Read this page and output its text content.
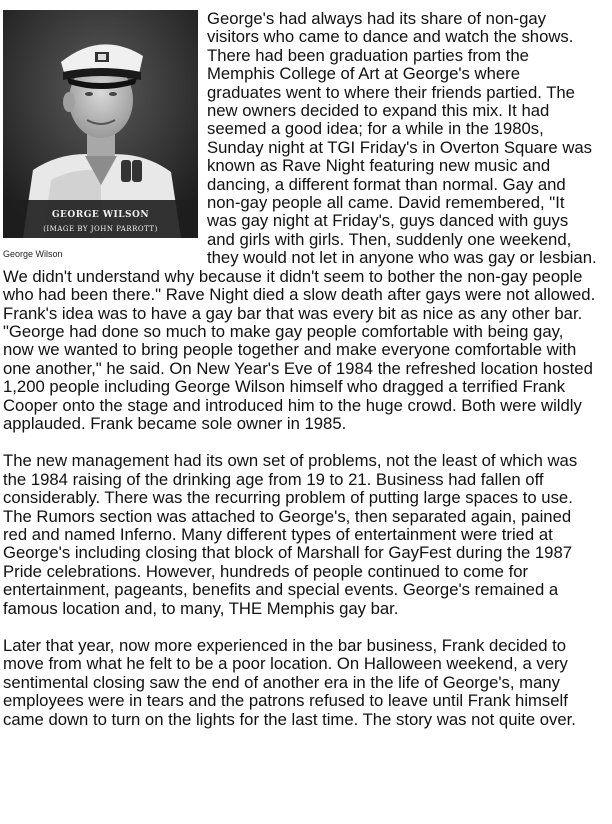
GEORGE WILSON
(IMAGE BY JOHN PARROTT)
George Wilson

George's had always had its share of non-gay visitors who came to dance and watch the shows. There had been graduation parties from the Memphis College of Art at George's where graduates went to where their friends partied. The new owners decided to expand this mix. It had seemed a good idea; for a while in the 1980s, Sunday night at TGI Friday's in Overton Square was known as Rave Night featuring new music and dancing, a different format than normal. Gay and non-gay people all came. David remembered, "It was gay night at Friday's, guys danced with guys and girls with girls. Then, suddenly one weekend, they would not let in anyone who was gay or lesbian. We didn't understand why because it didn't seem to bother the non-gay people who had been there." Rave Night died a slow death after gays were not allowed. Frank's idea was to have a gay bar that was every bit as nice as any other bar. "George had done so much to make gay people comfortable with being gay, now we wanted to bring people together and make everyone comfortable with one another," he said. On New Year's Eve of 1984 the refreshed location hosted 1,200 people including George Wilson himself who dragged a terrified Frank Cooper onto the stage and introduced him to the huge crowd. Both were wildly applauded. Frank became sole owner in 1985.

The new management had its own set of problems, not the least of which was the 1984 raising of the drinking age from 19 to 21. Business had fallen off considerably. There was the recurring problem of putting large spaces to use. The Rumors section was attached to George's, then separated again, pained red and named Inferno. Many different types of entertainment were tried at George's including closing that block of Marshall for GayFest during the 1987 Pride celebrations. However, hundreds of people continued to come for entertainment, pageants, benefits and special events. George's remained a famous location and, to many, THE Memphis gay bar.

Later that year, now more experienced in the bar business, Frank decided to move from what he felt to be a poor location. On Halloween weekend, a very sentimental closing saw the end of another era in the life of George's, many employees were in tears and the patrons refused to leave until Frank himself came down to turn on the lights for the last time. The story was not quite over.
